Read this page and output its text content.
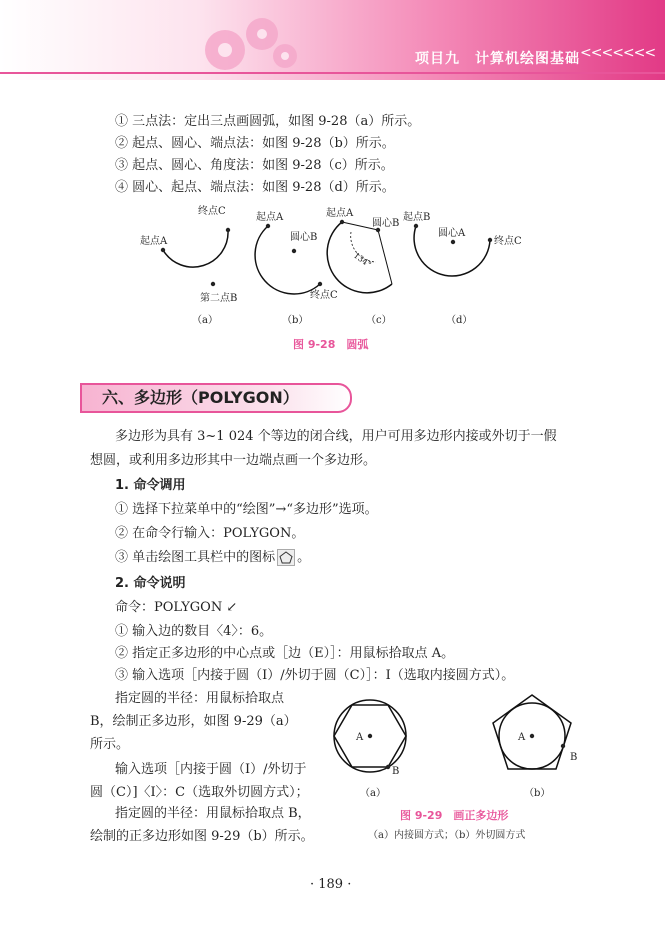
项目九　计算机绘图基础 <<<<<<<
① 三点法：定出三点画圆弧，如图 9-28（a）所示。
② 起点、圆心、端点法：如图 9-28（b）所示。
③ 起点、圆心、角度法：如图 9-28（c）所示。
④ 圆心、起点、端点法：如图 9-28（d）所示。
起点A
终点C
第二点B
（a）
起点A
圆心B
终点C
（b）
起点A
圆心B
134°
（c）
起点B
圆心A
终点C
（d）
图 9-28　圆弧
六、多边形（POLYGON）
多边形为具有 3~1 024 个等边的闭合线，用户可用多边形内接或外切于一假
想圆，或利用多边形其中一边端点画一个多边形。
1. 命令调用
① 选择下拉菜单中的“绘图”→“多边形”选项。
② 在命令行输入：POLYGON。
③ 单击绘图工具栏中的图标 。
2. 命令说明
命令：POLYGON ↙
① 输入边的数目〈4〉：6。
② 指定正多边形的中心点或［边（E）］：用鼠标拾取点 A。
③ 输入选项［内接于圆（I）/外切于圆（C）］：I（选取内接圆方式）。
指定圆的半径：用鼠标拾取点
B，绘制正多边形，如图 9-29（a）
所示。
输入选项［内接于圆（I）/外切于
圆（C）]〈I〉：C（选取外切圆方式）；
指定圆的半径：用鼠标拾取点 B，
绘制的正多边形如图 9-29（b）所示。
A
B
（a）
A
B
（b）
图 9-29　画正多边形
（a）内接圆方式；（b）外切圆方式
· 189 ·
